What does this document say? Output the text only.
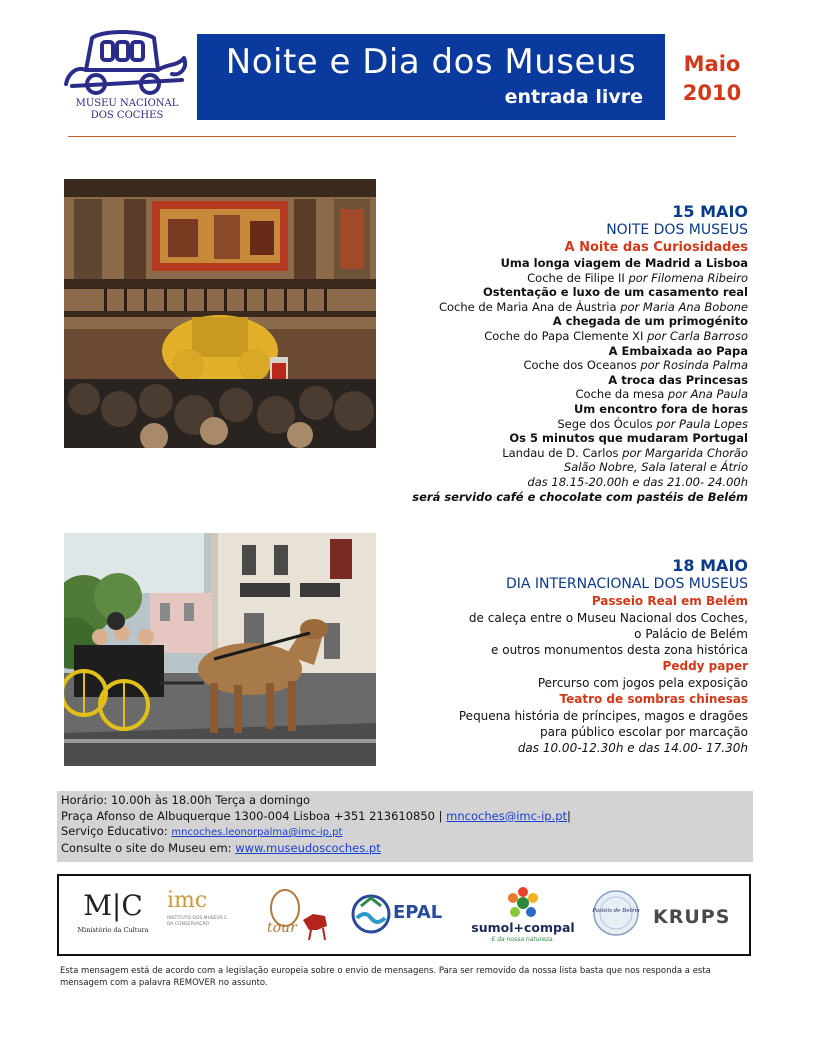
MUSEU NACIONAL
DOS COCHES
Noite e Dia dos Museus
entrada livre
Maio
2010
15 MAIO
NOITE DOS MUSEUS
A Noite das Curiosidades
Uma longa viagem de Madrid a Lisboa
Coche de Filipe II por Filomena Ribeiro
Ostentação e luxo de um casamento real
Coche de Maria Ana de Áustria por Maria Ana Bobone
A chegada de um primogénito
Coche do Papa Clemente XI por Carla Barroso
A Embaixada ao Papa
Coche dos Oceanos por Rosinda Palma
A troca das Princesas
Coche da mesa por Ana Paula
Um encontro fora de horas
Sege dos Óculos por Paula Lopes
Os 5 minutos que mudaram Portugal
Landau de D. Carlos por Margarida Chorão
Salão Nobre, Sala lateral e Átrio
das 18.15-20.00h e das 21.00- 24.00h
será servido café e chocolate com pastéis de Belém
18 MAIO
DIA INTERNACIONAL DOS MUSEUS
Passeio Real em Belém
de caleça entre o Museu Nacional dos Coches,
o Palácio de Belém
e outros monumentos desta zona histórica
Peddy paper
Percurso com jogos pela exposição
Teatro de sombras chinesas
Pequena história de príncipes, magos e dragões
para público escolar por marcação
das 10.00-12.30h e das 14.00- 17.30h
Horário: 10.00h às 18.00h Terça a domingo
Praça Afonso de Albuquerque 1300-004 Lisboa +351 213610850 | mncoches@imc-ip.pt|
Serviço Educativo: mncoches.leonorpalma@imc-ip.pt
Consulte o site do Museu em: www.museudoscoches.pt
M|C
Ministério da Cultura
imc
INSTITUTO DOS MUSEUS E DA CONSERVAÇÃO	tour
EPAL
sumol+compal
E da nossa natureza.
Pastéis de Belém KRUPS
Esta mensagem está de acordo com a legislação europeia sobre o envio de mensagens. Para ser removido da nossa lista basta que nos responda a esta mensagem com a palavra REMOVER no assunto.
